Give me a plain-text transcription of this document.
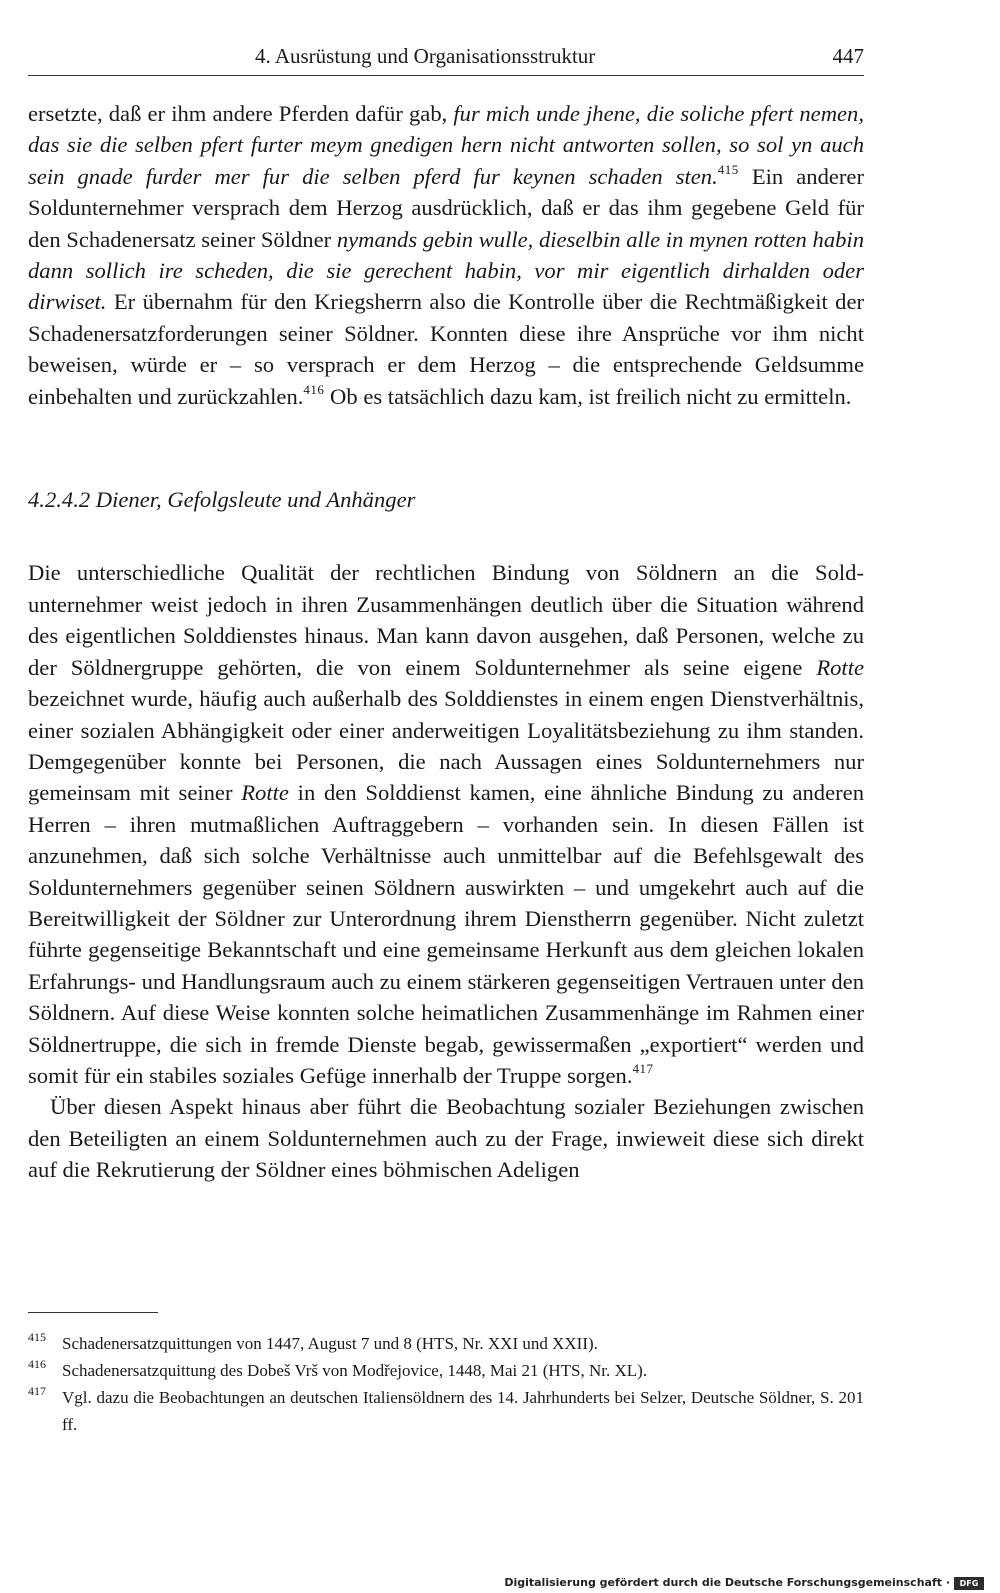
4. Ausrüstung und Organisationsstruktur	447

ersetzte, daß er ihm andere Pferden dafür gab, fur mich unde jhene, die soliche pfert nemen, das sie die selben pfert furter meym gnedigen hern nicht antworten sollen, so sol yn auch sein gnade furder mer fur die selben pferd fur keynen schaden sten.$^{415}$ Ein anderer Soldunternehmer versprach dem Herzog ausdrücklich, daß er das ihm gegebene Geld für den Schadenersatz seiner Söldner nymands gebin wulle, dieselbin alle in mynen rotten habin dann sollich ire scheden, die sie gerechent habin, vor mir eigentlich dirhalden oder dirwiset. Er übernahm für den Kriegsherrn also die Kontrolle über die Rechtmäßigkeit der Schadenersatzforderungen seiner Söldner. Konnten diese ihre Ansprüche vor ihm nicht beweisen, würde er – so versprach er dem Herzog – die entsprechende Geldsumme einbehalten und zurückzahlen.$^{416}$ Ob es tatsächlich dazu kam, ist freilich nicht zu ermitteln.

4.2.4.2 Diener, Gefolgsleute und Anhänger

Die unterschiedliche Qualität der rechtlichen Bindung von Söldnern an die Soldunternehmer weist jedoch in ihren Zusammenhängen deutlich über die Situation während des eigentlichen Solddienstes hinaus. Man kann davon ausgehen, daß Personen, welche zu der Söldnergruppe gehörten, die von einem Soldunternehmer als seine eigene Rotte bezeichnet wurde, häufig auch außerhalb des Solddienstes in einem engen Dienstverhältnis, einer sozialen Abhängigkeit oder einer anderweitigen Loyalitätsbeziehung zu ihm standen. Demgegenüber konnte bei Personen, die nach Aussagen eines Soldunternehmers nur gemeinsam mit seiner Rotte in den Solddienst kamen, eine ähnliche Bindung zu anderen Herren – ihren mutmaßlichen Auftraggebern – vorhanden sein. In diesen Fällen ist anzunehmen, daß sich solche Verhältnisse auch unmittelbar auf die Befehlsgewalt des Soldunternehmers gegenüber seinen Söldnern auswirkten – und umgekehrt auch auf die Bereitwilligkeit der Söldner zur Unterordnung ihrem Dienstherrn gegenüber. Nicht zuletzt führte gegenseitige Bekanntschaft und eine gemeinsame Herkunft aus dem gleichen lokalen Erfahrungs- und Handlungsraum auch zu einem stärkeren gegenseitigen Vertrauen unter den Söldnern. Auf diese Weise konnten solche heimatlichen Zusammenhänge im Rahmen einer Söldnertruppe, die sich in fremde Dienste begab, gewissermaßen „exportiert“ werden und somit für ein stabiles soziales Gefüge innerhalb der Truppe sorgen.$^{417}$

Über diesen Aspekt hinaus aber führt die Beobachtung sozialer Beziehungen zwischen den Beteiligten an einem Soldunternehmen auch zu der Frage, inwieweit diese sich direkt auf die Rekrutierung der Söldner eines böhmischen Adeligen

415 Schadenersatzquittungen von 1447, August 7 und 8 (HTS, Nr. XXI und XXII).
416 Schadenersatzquittung des Dobeš Vrš von Modřejovice, 1448, Mai 21 (HTS, Nr. XL).
417 Vgl. dazu die Beobachtungen an deutschen Italiensöldnern des 14. Jahrhunderts bei Selzer, Deutsche Söldner, S. 201 ff.
Digitalisierung gefördert durch die Deutsche Forschungsgemeinschaft ·	DFG
